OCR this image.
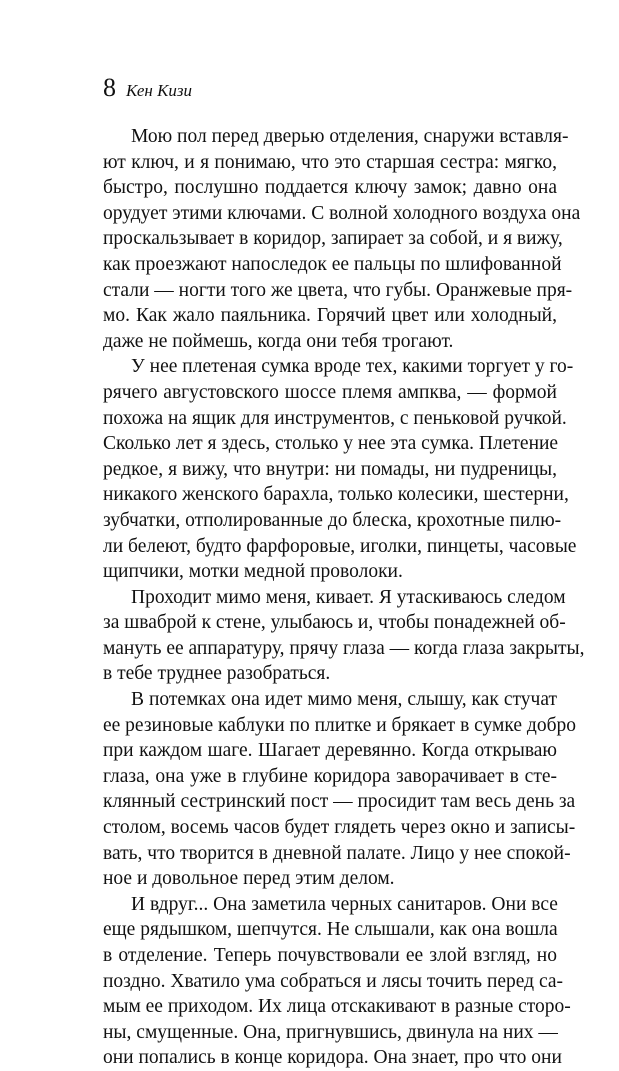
8 Кен Кизи
Мою пол перед дверью отделения, снаружи вставля-
ют ключ, и я понимаю, что это старшая сестра: мягко,
быстро, послушно поддается ключу замок; давно она
орудует этими ключами. С волной холодного воздуха она
проскальзывает в коридор, запирает за собой, и я вижу,
как проезжают напоследок ее пальцы по шлифованной
стали — ногти того же цвета, что губы. Оранжевые пря-
мо. Как жало паяльника. Горячий цвет или холодный,
даже не поймешь, когда они тебя трогают.
У нее плетеная сумка вроде тех, какими торгует у го-
рячего августовского шоссе племя ампква, — формой
похожа на ящик для инструментов, с пеньковой ручкой.
Сколько лет я здесь, столько у нее эта сумка. Плетение
редкое, я вижу, что внутри: ни помады, ни пудреницы,
никакого женского барахла, только колесики, шестерни,
зубчатки, отполированные до блеска, крохотные пилю-
ли белеют, будто фарфоровые, иголки, пинцеты, часовые
щипчики, мотки медной проволоки.
Проходит мимо меня, кивает. Я утаскиваюсь следом
за шваброй к стене, улыбаюсь и, чтобы понадежней об-
мануть ее аппаратуру, прячу глаза — когда глаза закрыты,
в тебе труднее разобраться.
В потемках она идет мимо меня, слышу, как стучат
ее резиновые каблуки по плитке и брякает в сумке добро
при каждом шаге. Шагает деревянно. Когда открываю
глаза, она уже в глубине коридора заворачивает в сте-
клянный сестринский пост — просидит там весь день за
столом, восемь часов будет глядеть через окно и записы-
вать, что творится в дневной палате. Лицо у нее спокой-
ное и довольное перед этим делом.
И вдруг... Она заметила черных санитаров. Они все
еще рядышком, шепчутся. Не слышали, как она вошла
в отделение. Теперь почувствовали ее злой взгляд, но
поздно. Хватило ума собраться и лясы точить перед са-
мым ее приходом. Их лица отскакивают в разные сторо-
ны, смущенные. Она, пригнувшись, двинула на них —
они попались в конце коридора. Она знает, про что они
